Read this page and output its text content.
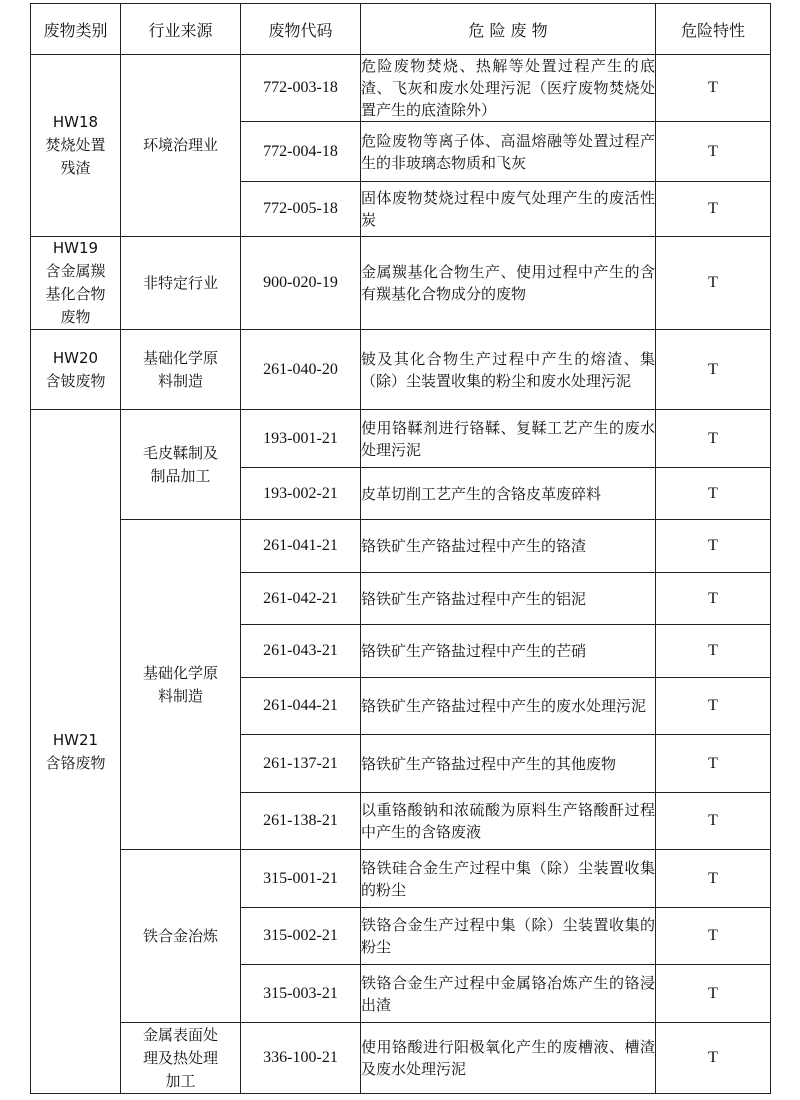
废物类别	行业来源	废物代码	危 险 废 物	危险特性

HW18
焚烧处置
残渣	环境治理业	772-003-18	危险废物焚烧、热解等处置过程产生的底渣、飞灰和废水处理污泥（医疗废物焚烧处置产生的底渣除外）	T
		772-004-18	危险废物等离子体、高温熔融等处置过程产生的非玻璃态物质和飞灰	T
		772-005-18	固体废物焚烧过程中废气处理产生的废活性炭	T

HW19
含金属羰
基化合物
废物	非特定行业	900-020-19	金属羰基化合物生产、使用过程中产生的含有羰基化合物成分的废物	T

HW20
含铍废物	基础化学原
料制造	261-040-20	铍及其化合物生产过程中产生的熔渣、集（除）尘装置收集的粉尘和废水处理污泥	T

HW21
含铬废物	毛皮鞣制及
制品加工	193-001-21	使用铬鞣剂进行铬鞣、复鞣工艺产生的废水处理污泥	T
		193-002-21	皮革切削工艺产生的含铬皮革废碎料	T

	基础化学原
料制造	261-041-21	铬铁矿生产铬盐过程中产生的铬渣	T
		261-042-21	铬铁矿生产铬盐过程中产生的铝泥	T
		261-043-21	铬铁矿生产铬盐过程中产生的芒硝	T
		261-044-21	铬铁矿生产铬盐过程中产生的废水处理污泥	T
		261-137-21	铬铁矿生产铬盐过程中产生的其他废物	T
		261-138-21	以重铬酸钠和浓硫酸为原料生产铬酸酐过程中产生的含铬废液	T

	铁合金冶炼	315-001-21	铬铁硅合金生产过程中集（除）尘装置收集的粉尘	T
		315-002-21	铁铬合金生产过程中集（除）尘装置收集的粉尘	T
		315-003-21	铁铬合金生产过程中金属铬冶炼产生的铬浸出渣	T

	金属表面处
理及热处理
加工	336-100-21	使用铬酸进行阳极氧化产生的废槽液、槽渣及废水处理污泥	T
